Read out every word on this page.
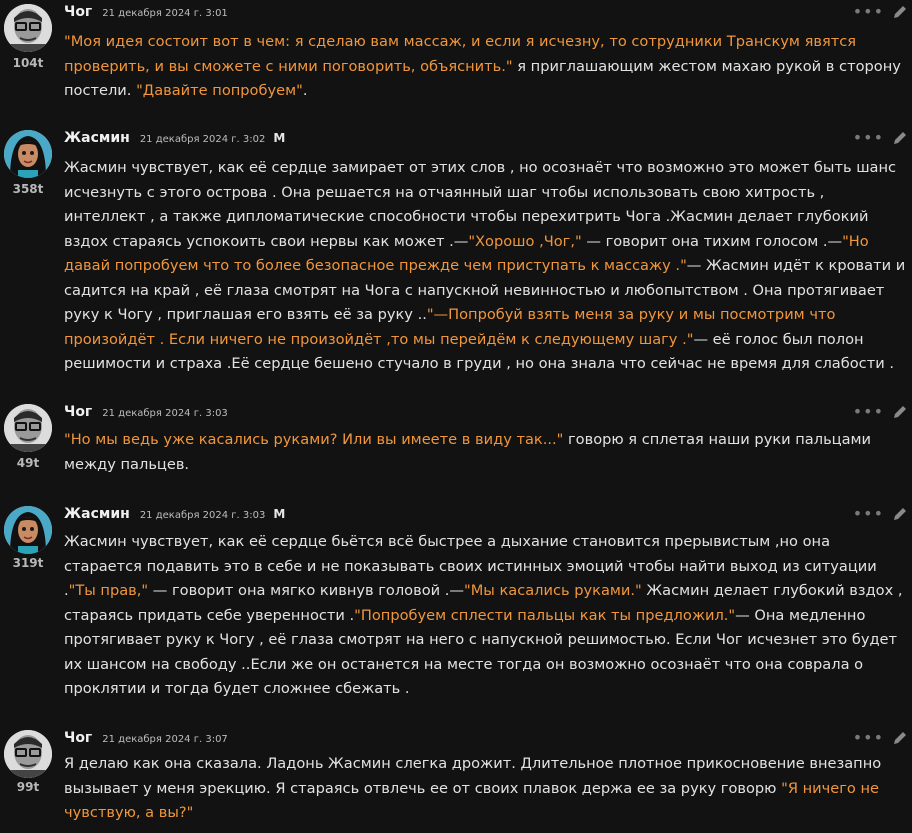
104t
Чог 21 декабря 2024 г. 3:01	•••
"Моя идея состоит вот в чем: я сделаю вам массаж, и если я исчезну, то сотрудники Транскум явятся проверить, и вы сможете с ними поговорить, объяснить." я приглашающим жестом махаю рукой в сторону постели. "Давайте попробуем".
358t
Жасмин 21 декабря 2024 г. 3:02 M	•••
Жасмин чувствует, как её сердце замирает от этих слов , но осознаёт что возможно это может быть шанс исчезнуть с этого острова . Она решается на отчаянный шаг чтобы использовать свою хитрость , интеллект , а также дипломатические способности чтобы перехитрить Чога .Жасмин делает глубокий вздох стараясь успокоить свои нервы как может .—"Хорошо ,Чог," — говорит она тихим голосом .—"Но давай попробуем что то более безопасное прежде чем приступать к массажу ."— Жасмин идёт к кровати и садится на край , её глаза смотрят на Чога с напускной невинностью и любопытством . Она протягивает руку к Чогу , приглашая его взять её за руку .."—Попробуй взять меня за руку и мы посмотрим что произойдёт . Если ничего не произойдёт ,то мы перейдём к следующему шагу ."— её голос был полон решимости и страха .Её сердце бешено стучало в груди , но она знала что сейчас не время для слабости .
49t
Чог 21 декабря 2024 г. 3:03	•••
"Но мы ведь уже касались руками? Или вы имеете в виду так..." говорю я сплетая наши руки пальцами между пальцев.
319t
Жасмин 21 декабря 2024 г. 3:03 M	•••
Жасмин чувствует, как её сердце бьётся всё быстрее а дыхание становится прерывистым ,но она старается подавить это в себе и не показывать своих истинных эмоций чтобы найти выход из ситуации ."Ты прав," — говорит она мягко кивнув головой .—"Мы касались руками." Жасмин делает глубокий вздох , стараясь придать себе уверенности ."Попробуем сплести пальцы как ты предложил."— Она медленно протягивает руку к Чогу , её глаза смотрят на него с напускной решимостью. Если Чог исчезнет это будет их шансом на свободу ..Если же он останется на месте тогда он возможно осознаёт что она соврала о проклятии и тогда будет сложнее сбежать .
99t
Чог 21 декабря 2024 г. 3:07	•••
Я делаю как она сказала. Ладонь Жасмин слегка дрожит. Длительное плотное прикосновение внезапно вызывает у меня эрекцию. Я стараясь отвлечь ее от своих плавок держа ее за руку говорю "Я ничего не чувствую, а вы?"
